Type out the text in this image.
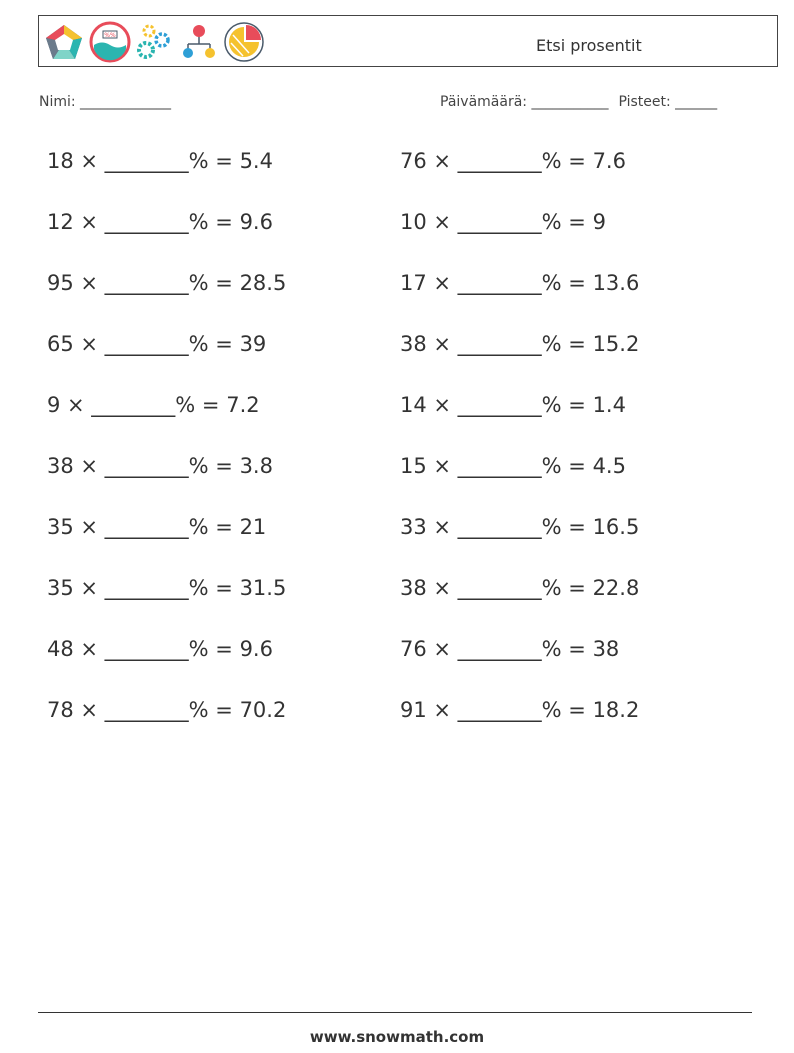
%%
Etsi prosentit
Nimi: _____________	Päivämäärä: ___________ Pisteet: ______
18 × ________% = 5.4
12 × ________% = 9.6
95 × ________% = 28.5
65 × ________% = 39
9 × ________% = 7.2
38 × ________% = 3.8
35 × ________% = 21
35 × ________% = 31.5
48 × ________% = 9.6
78 × ________% = 70.2
76 × ________% = 7.6
10 × ________% = 9
17 × ________% = 13.6
38 × ________% = 15.2
14 × ________% = 1.4
15 × ________% = 4.5
33 × ________% = 16.5
38 × ________% = 22.8
76 × ________% = 38
91 × ________% = 18.2
www.snowmath.com
